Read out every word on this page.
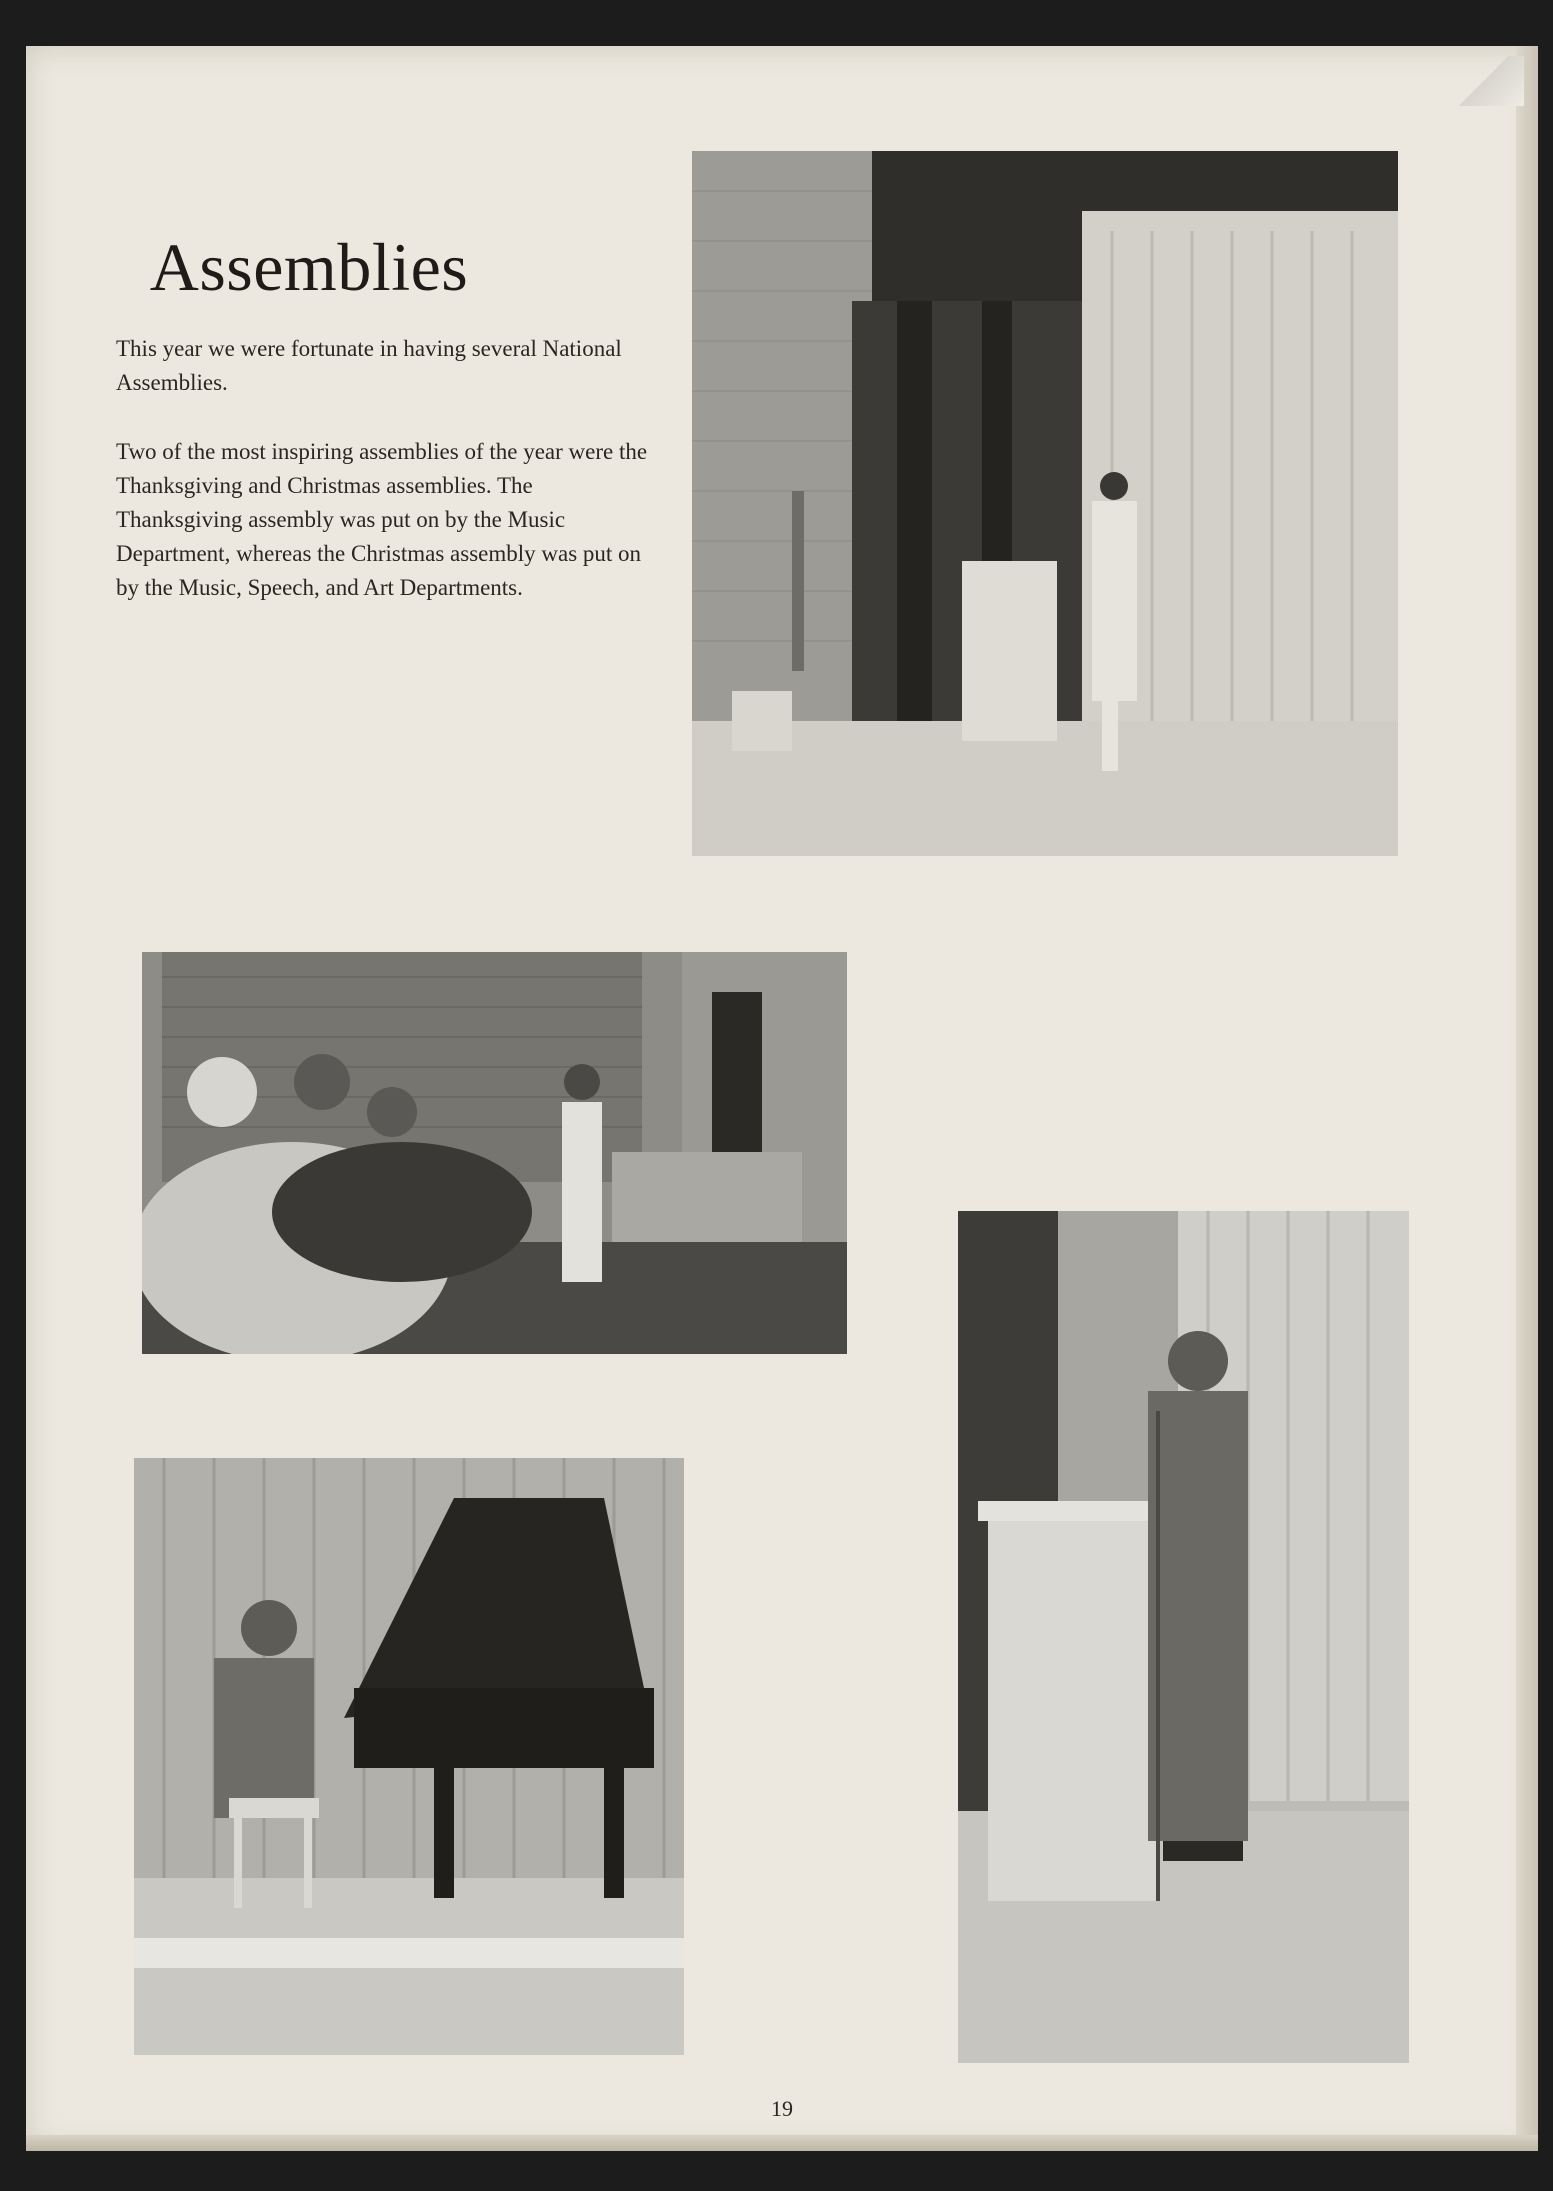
Assemblies

This year we were fortunate in having several National Assemblies.

Two of the most inspiring assemblies of the year were the Thanksgiving and Christmas assemblies. The Thanksgiving assembly was put on by the Music Department, whereas the Christmas assembly was put on by the Music, Speech, and Art Departments.

19
